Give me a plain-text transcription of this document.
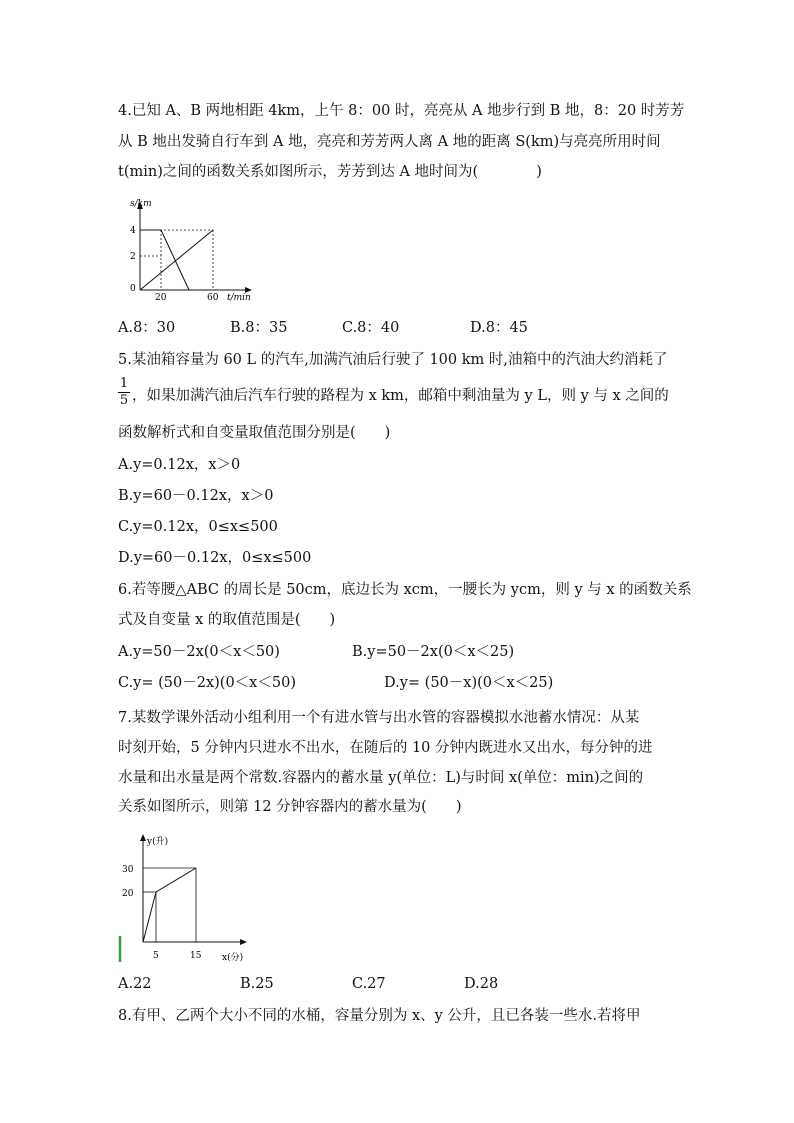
4.已知 A、B 两地相距 4km，上午 8：00 时，亮亮从 A 地步行到 B 地，8：20 时芳芳
从 B 地出发骑自行车到 A 地，亮亮和芳芳两人离 A 地的距离 S(km)与亮亮所用时间
t(min)之间的函数关系如图所示，芳芳到达 A 地时间为(　　　　)
s/km
4
2
0
20	60 t/min
A.8：30	B.8：35	C.8：40	D.8：45
5.某油箱容量为 60 L 的汽车,加满汽油后行驶了 100 km 时,油箱中的汽油大约消耗了
1
5 ，如果加满汽油后汽车行驶的路程为 x km，邮箱中剩油量为 y L，则 y 与 x 之间的
函数解析式和自变量取值范围分别是(　　)
A.y=0.12x，x＞0
B.y=60－0.12x，x＞0
C.y=0.12x，0≤x≤500
D.y=60－0.12x，0≤x≤500
6.若等腰△ABC 的周长是 50cm，底边长为 xcm，一腰长为 ycm，则 y 与 x 的函数关系
式及自变量 x 的取值范围是(　　)
A.y=50－2x(0＜x＜50)	B.y=50－2x(0＜x＜25)
C.y= (50－2x)(0＜x＜50)	D.y= (50－x)(0＜x＜25)
7.某数学课外活动小组利用一个有进水管与出水管的容器模拟水池蓄水情况：从某
时刻开始，5 分钟内只进水不出水，在随后的 10 分钟内既进水又出水，每分钟的进
水量和出水量是两个常数.容器内的蓄水量 y(单位：L)与时间 x(单位：min)之间的
关系如图所示，则第 12 分钟容器内的蓄水量为(　　)
y(升)
30
20
5	15 x(分)
A.22	B.25	C.27	D.28
8.有甲、乙两个大小不同的水桶，容量分别为 x、y 公升，且已各装一些水.若将甲
